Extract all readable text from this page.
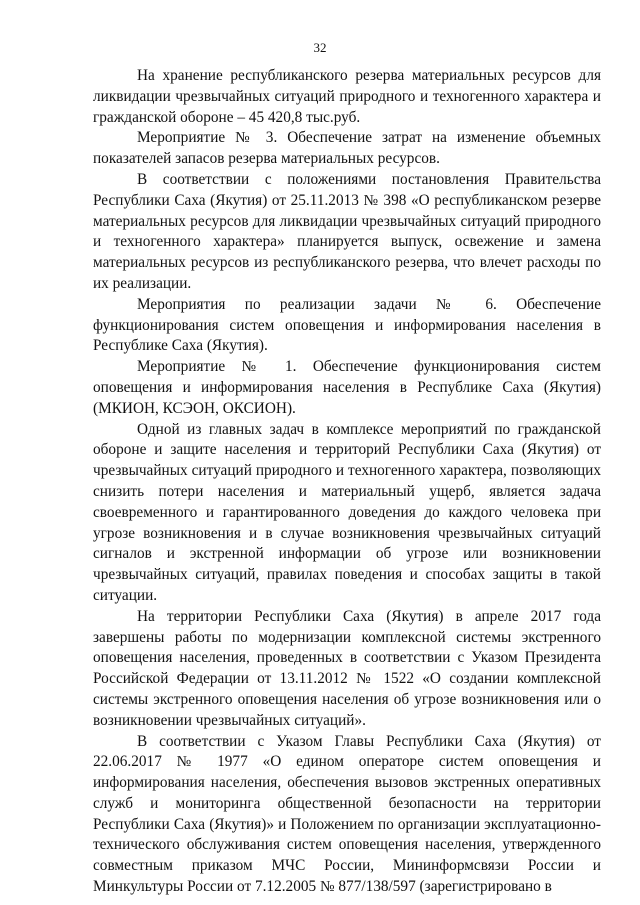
32

На хранение республиканского резерва материальных ресурсов для ликвидации чрезвычайных ситуаций природного и техногенного характера и гражданской обороне – 45 420,8 тыс.руб.

Мероприятие № 3. Обеспечение затрат на изменение объемных показателей запасов резерва материальных ресурсов.

В соответствии с положениями постановления Правительства Республики Саха (Якутия) от 25.11.2013 № 398 «О республиканском резерве материальных ресурсов для ликвидации чрезвычайных ситуаций природного и техногенного характера» планируется выпуск, освежение и замена материальных ресурсов из республиканского резерва, что влечет расходы по их реализации.

Мероприятия по реализации задачи № 6. Обеспечение функционирования систем оповещения и информирования населения в Республике Саха (Якутия).

Мероприятие № 1. Обеспечение функционирования систем оповещения и информирования населения в Республике Саха (Якутия) (МКИОН, КСЭОН, ОКСИОН).

Одной из главных задач в комплексе мероприятий по гражданской обороне и защите населения и территорий Республики Саха (Якутия) от чрезвычайных ситуаций природного и техногенного характера, позволяющих снизить потери населения и материальный ущерб, является задача своевременного и гарантированного доведения до каждого человека при угрозе возникновения и в случае возникновения чрезвычайных ситуаций сигналов и экстренной информации об угрозе или возникновении чрезвычайных ситуаций, правилах поведения и способах защиты в такой ситуации.

На территории Республики Саха (Якутия) в апреле 2017 года завершены работы по модернизации комплексной системы экстренного оповещения населения, проведенных в соответствии с Указом Президента Российской Федерации от 13.11.2012 № 1522 «О создании комплексной системы экстренного оповещения населения об угрозе возникновения или о возникновении чрезвычайных ситуаций».

В соответствии с Указом Главы Республики Саха (Якутия) от 22.06.2017 № 1977 «О едином операторе систем оповещения и информирования населения, обеспечения вызовов экстренных оперативных служб и мониторинга общественной безопасности на территории Республики Саха (Якутия)» и Положением по организации эксплуатационно-технического обслуживания систем оповещения населения, утвержденного совместным приказом МЧС России, Мининформсвязи России и Минкультуры России от 7.12.2005 № 877/138/597 (зарегистрировано в
